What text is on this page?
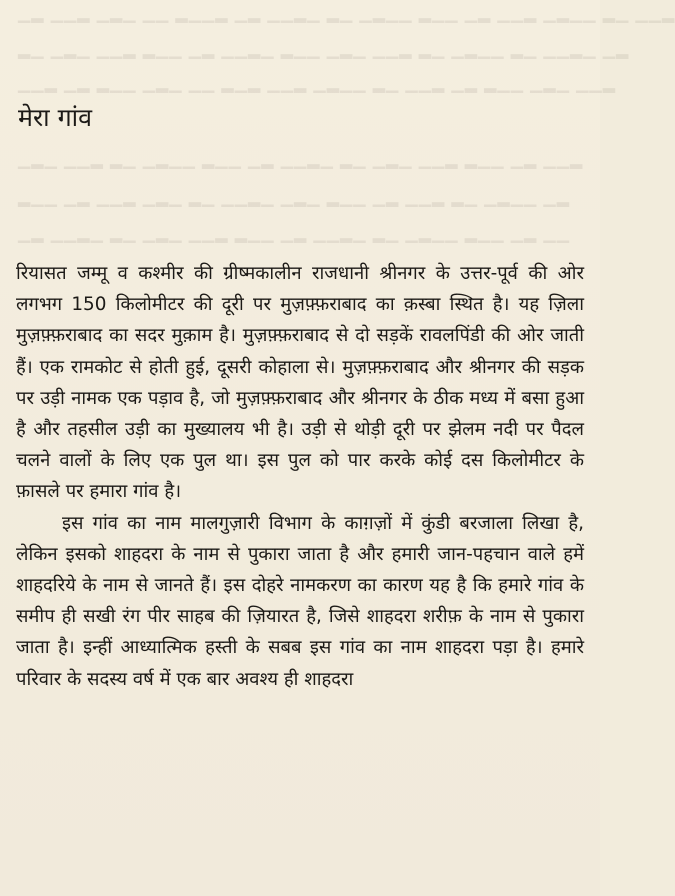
▁▂ ▁▁▂ ▁▂▁ ▁▁ ▂▁▁▂ ▁▂ ▁▁▂▁ ▂▁ ▁▂▁▁ ▂▁▁ ▁▂ ▁▁▂ ▁▂▁▁ ▂▁ ▁▁▂
▂▁ ▁▂▁ ▁▁▂ ▂▁▁ ▁▂ ▁▁▂▁ ▂▁▁ ▁▂▁ ▁▁▂ ▂▁ ▁▂▁▁ ▂▁ ▁▁▂▁ ▁▂
▁▁▂ ▁▂ ▂▁▁ ▁▂▁ ▁▁ ▂▁▂ ▁▁▂ ▁▂▁▁ ▂▁ ▁▁▂ ▁▂ ▂▁▁ ▁▂▁ ▁▁▂
▁▂▁ ▁▁▂ ▂▁ ▁▂▁▁ ▂▁▁ ▁▂ ▁▁▂▁ ▂▁ ▁▂▁ ▁▁▂ ▂▁▁ ▁▂ ▁▁▂
▂▁▁ ▁▂ ▁▁▂ ▁▂▁ ▂▁ ▁▁▂▁ ▁▂▁ ▂▁▁ ▁▂ ▁▁▂ ▂▁ ▁▂▁▁ ▁▂
▁▂ ▁▁▂▁ ▂▁ ▁▂▁ ▁▁▂ ▂▁▁ ▁▂ ▁▁▂▁ ▂▁ ▁▂▁▁ ▂▁▁ ▁▂ ▁▁
मेरा गांव

रियासत जम्मू व कश्मीर की ग्रीष्मकालीन राजधानी श्रीनगर के उत्तर-पूर्व की ओर लगभग 150 किलोमीटर की दूरी पर मुज़फ़्फ़राबाद का क़स्बा स्थित है। यह ज़िला मुज़फ़्फ़राबाद का सदर मुक़ाम है। मुज़फ़्फ़राबाद से दो सड़कें रावलपिंडी की ओर जाती हैं। एक रामकोट से होती हुई, दूसरी कोहाला से। मुज़फ़्फ़राबाद और श्रीनगर की सड़क पर उड़ी नामक एक पड़ाव है, जो मुज़फ़्फ़राबाद और श्रीनगर के ठीक मध्य में बसा हुआ है और तहसील उड़ी का मुख्यालय भी है। उड़ी से थोड़ी दूरी पर झेलम नदी पर पैदल चलने वालों के लिए एक पुल था। इस पुल को पार करके कोई दस किलोमीटर के फ़ासले पर हमारा गांव है।

इस गांव का नाम मालगुज़ारी विभाग के काग़ज़ों में कुंडी बरजाला लिखा है, लेकिन इसको शाहदरा के नाम से पुकारा जाता है और हमारी जान-पहचान वाले हमें शाहदरिये के नाम से जानते हैं। इस दोहरे नामकरण का कारण यह है कि हमारे गांव के समीप ही सखी रंग पीर साहब की ज़ियारत है, जिसे शाहदरा शरीफ़ के नाम से पुकारा जाता है। इन्हीं आध्यात्मिक हस्ती के सबब इस गांव का नाम शाहदरा पड़ा है। हमारे परिवार के सदस्य वर्ष में एक बार अवश्य ही शाहदरा
